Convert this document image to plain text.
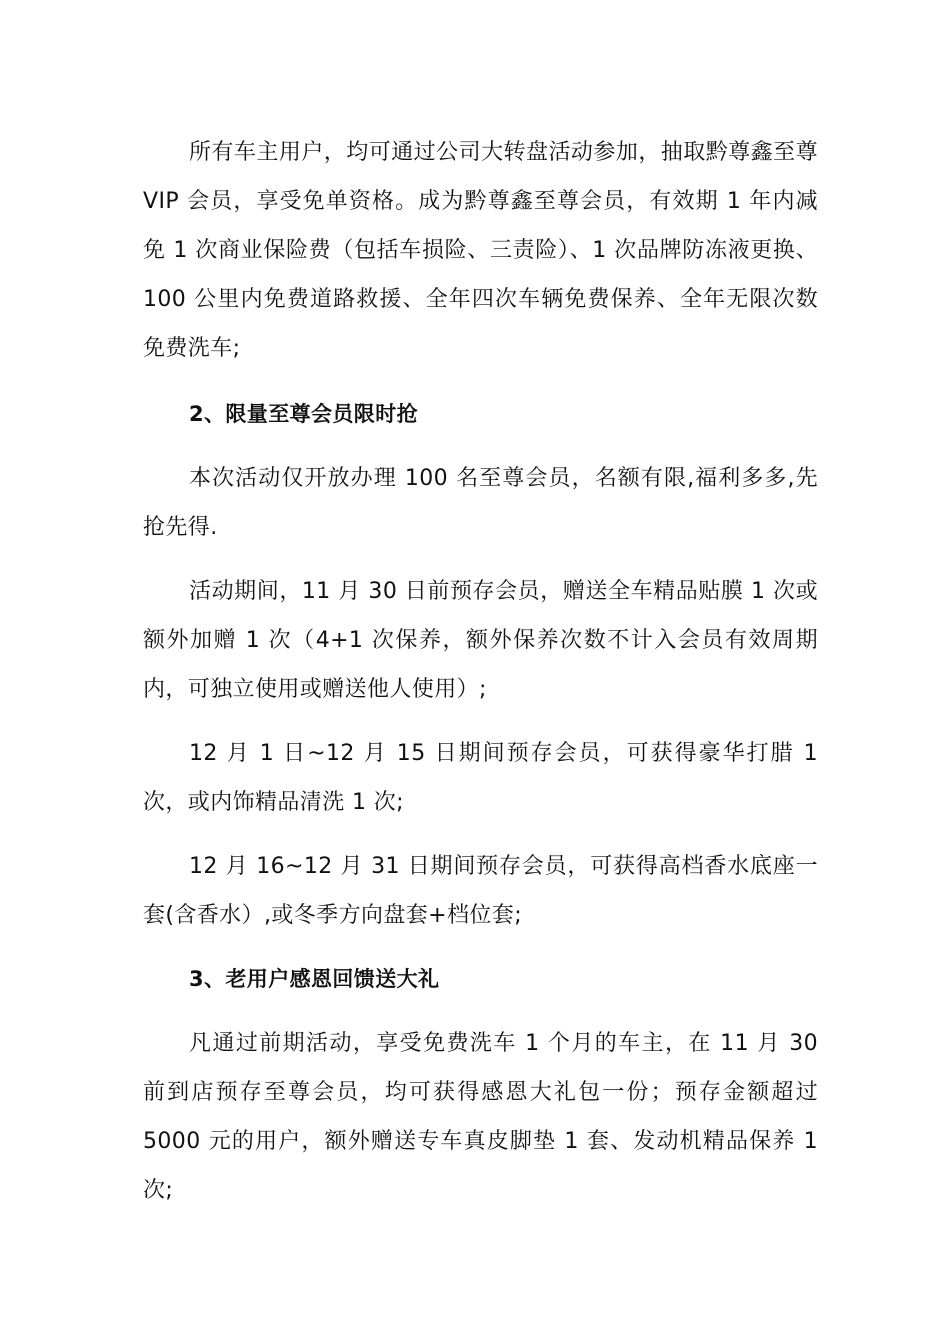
所有车主用户，均可通过公司大转盘活动参加，抽取黔尊鑫至尊 VIP 会员，享受免单资格。成为黔尊鑫至尊会员，有效期 1 年内减免 1 次商业保险费（包括车损险、三责险）、1 次品牌防冻液更换、100 公里内免费道路救援、全年四次车辆免费保养、全年无限次数免费洗车;

2、限量至尊会员限时抢

本次活动仅开放办理 100 名至尊会员，名额有限,福利多多,先抢先得.

活动期间，11 月 30 日前预存会员，赠送全车精品贴膜 1 次或额外加赠 1 次（4+1 次保养，额外保养次数不计入会员有效周期内，可独立使用或赠送他人使用）;

12 月 1 日~12 月 15 日期间预存会员，可获得豪华打腊 1 次，或内饰精品清洗 1 次;

12 月 16~12 月 31 日期间预存会员，可获得高档香水底座一套(含香水）,或冬季方向盘套+档位套;

3、老用户感恩回馈送大礼

凡通过前期活动，享受免费洗车 1 个月的车主，在 11 月 30 前到店预存至尊会员，均可获得感恩大礼包一份；预存金额超过 5000 元的用户，额外赠送专车真皮脚垫 1 套、发动机精品保养 1 次;
